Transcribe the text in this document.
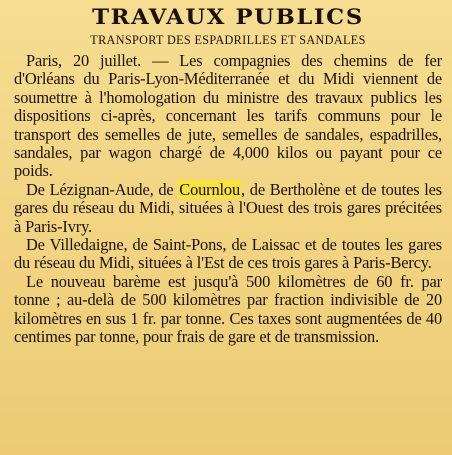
TRAVAUX PUBLICS
TRANSPORT DES ESPADRILLES ET SANDALES

Paris, 20 juillet. — Les compagnies des chemins de fer d'Orléans du Paris-Lyon-Méditerranée et du Midi viennent de soumettre à l'homologation du ministre des travaux publics les dispositions ci-après, concernant les tarifs communs pour le transport des semelles de jute, semelles de sandales, espadrilles, sandales, par wagon chargé de 4,000 kilos ou payant pour ce poids.

De Lézignan-Aude, de Cournlou, de Bertholène et de toutes les gares du réseau du Midi, situées à l'Ouest des trois gares précitées à Paris-Ivry.

De Villedaigne, de Saint-Pons, de Laissac et de toutes les gares du réseau du Midi, situées à l'Est de ces trois gares à Paris-Bercy.

Le nouveau barème est jusqu'à 500 kilomètres de 60 fr. par tonne ; au-delà de 500 kilomètres par fraction indivisible de 20 kilomètres en sus 1 fr. par tonne. Ces taxes sont augmentées de 40 centimes par tonne, pour frais de gare et de transmission.
